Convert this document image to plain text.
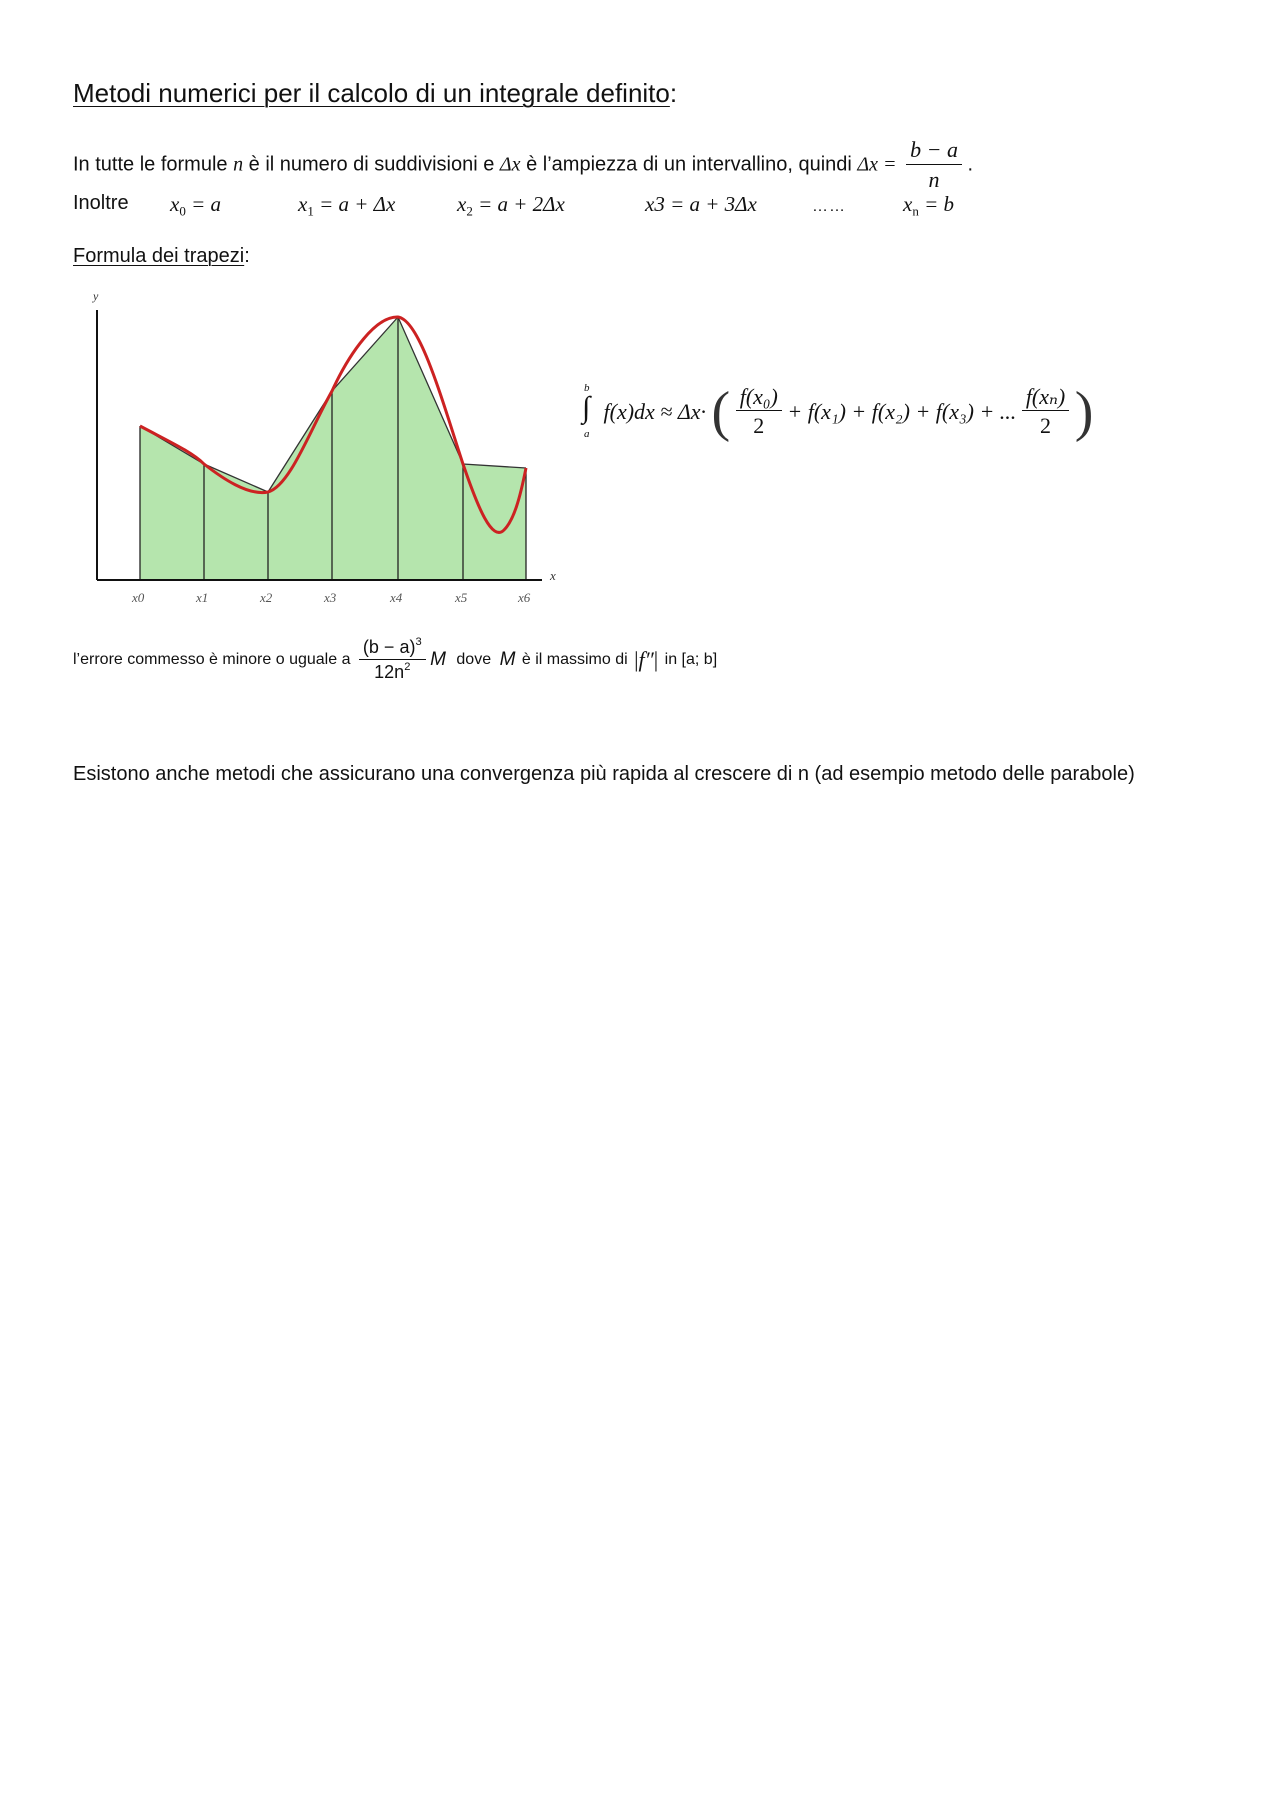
Metodi numerici per il calcolo di un integrale definito:
In tutte le formule n è il numero di suddivisioni e Δx è l’ampiezza di un intervallino, quindi $\Delta x = \frac{b - a}{n}$ .
Inoltre $x_0 = a$	$x_1 = a + \Delta x$	$x_2 = a + 2\Delta x$	x3 = a + 3Δx	……	$x_n = b$
Formula dei trapezi:
y
x
x0	x1	x2	x3	x4	x5	x6
b
∫
a
f(x)dx ≈ Δx· ( $\frac{\text{f(x₀)}}{2} + f(x_1) + f(x_2) + f(x_3)$ + ... $\frac{\text{f(xₙ)}}{2}$ )
l’errore commesso è minore o uguale a $\frac{(b - a)^3}{12n^2}$ M dove M è il massimo di |f″| in [a; b]
Esistono anche metodi che assicurano una convergenza più rapida al crescere di n (ad esempio metodo delle parabole)
